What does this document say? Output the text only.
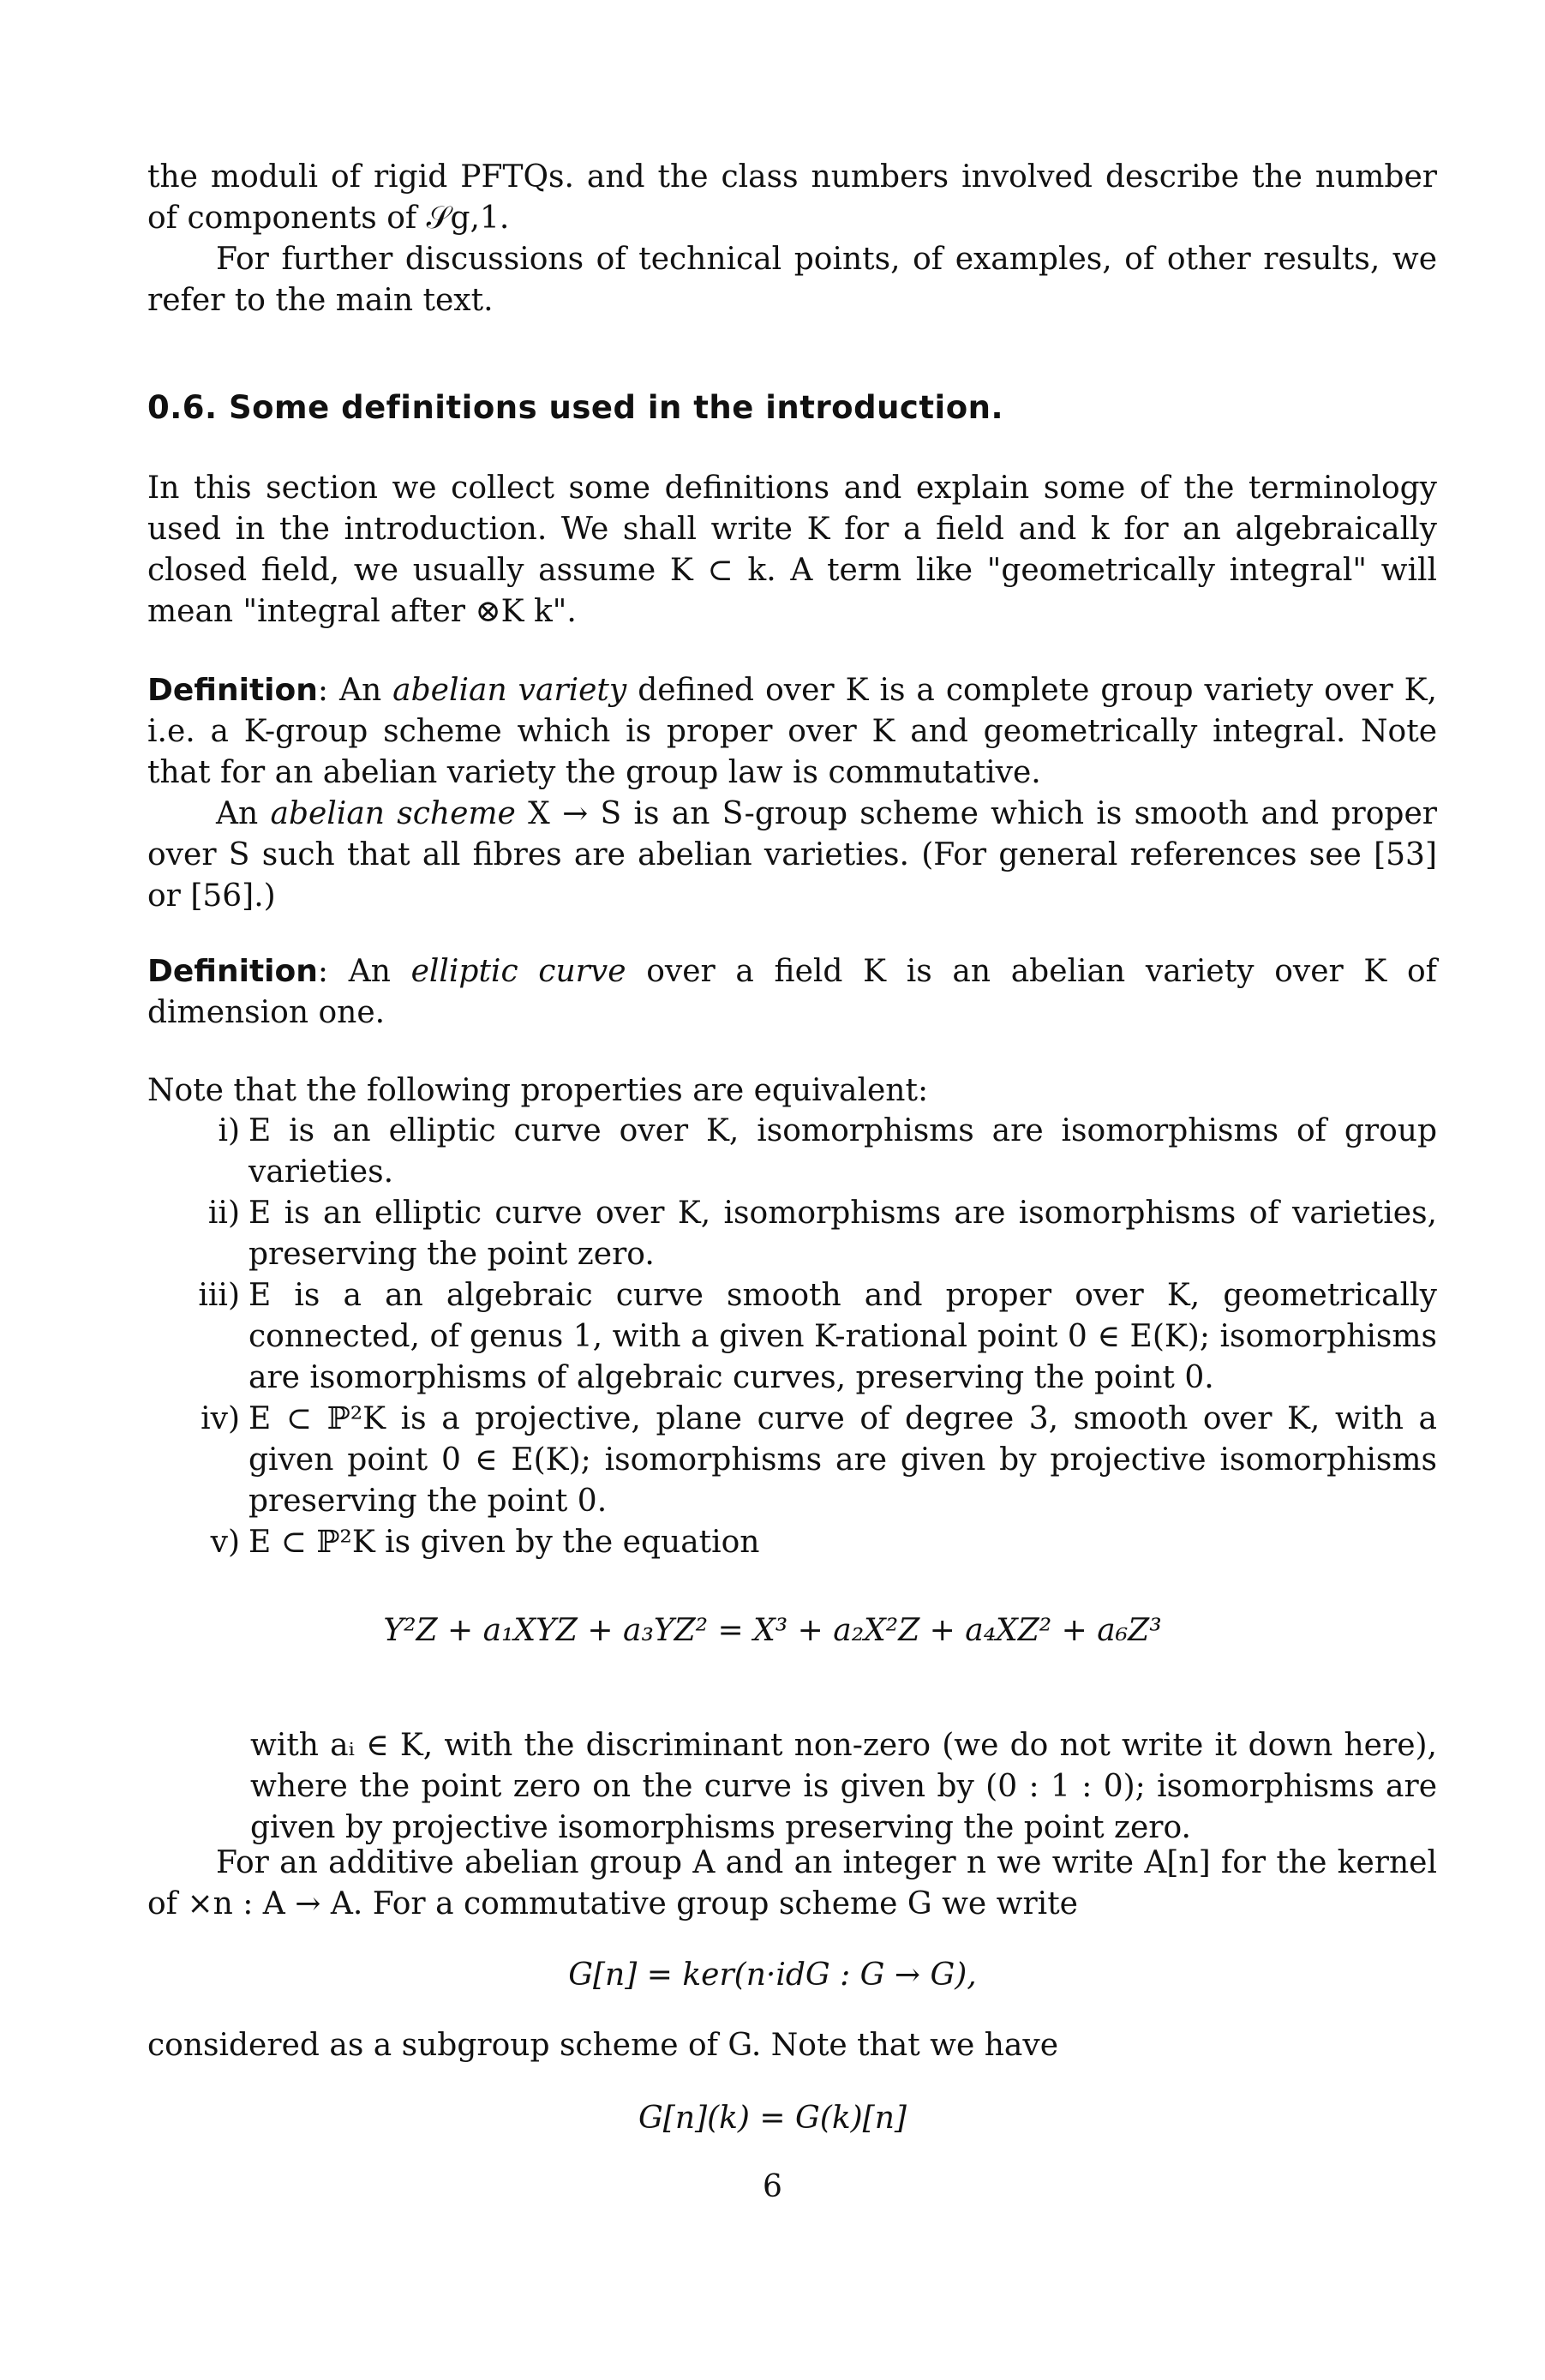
the moduli of rigid PFTQs. and the class numbers involved describe the number of components of 𝒮g,1.

For further discussions of technical points, of examples, of other results, we refer to the main text.

0.6. Some definitions used in the introduction.

In this section we collect some definitions and explain some of the terminology used in the introduction. We shall write K for a field and k for an algebraically closed field, we usually assume K ⊂ k. A term like "geometrically integral" will mean "integral after ⊗K k".

Definition: An abelian variety defined over K is a complete group variety over K, i.e. a K-group scheme which is proper over K and geometrically integral. Note that for an abelian variety the group law is commutative.

An abelian scheme X → S is an S-group scheme which is smooth and proper over S such that all fibres are abelian varieties. (For general references see [53] or [56].)

Definition: An elliptic curve over a field K is an abelian variety over K of dimension one.

Note that the following properties are equivalent:

i) E is an elliptic curve over K, isomorphisms are isomorphisms of group varieties.
ii) E is an elliptic curve over K, isomorphisms are isomorphisms of varieties, preserving the point zero.
iii) E is a an algebraic curve smooth and proper over K, geometrically connected, of genus 1, with a given K-rational point 0 ∈ E(K); isomorphisms are isomorphisms of algebraic curves, preserving the point 0.
iv) E ⊂ ℙ²K is a projective, plane curve of degree 3, smooth over K, with a given point 0 ∈ E(K); isomorphisms are given by projective isomorphisms preserving the point 0.
v) E ⊂ ℙ²K is given by the equation

Y²Z + a₁XYZ + a₃YZ² = X³ + a₂X²Z + a₄XZ² + a₆Z³

with aᵢ ∈ K, with the discriminant non-zero (we do not write it down here), where the point zero on the curve is given by (0 : 1 : 0); isomorphisms are given by projective isomorphisms preserving the point zero.

For an additive abelian group A and an integer n we write A[n] for the kernel of ×n : A → A. For a commutative group scheme G we write

G[n] = ker(n·idG : G → G),

considered as a subgroup scheme of G. Note that we have

G[n](k) = G(k)[n]

6
